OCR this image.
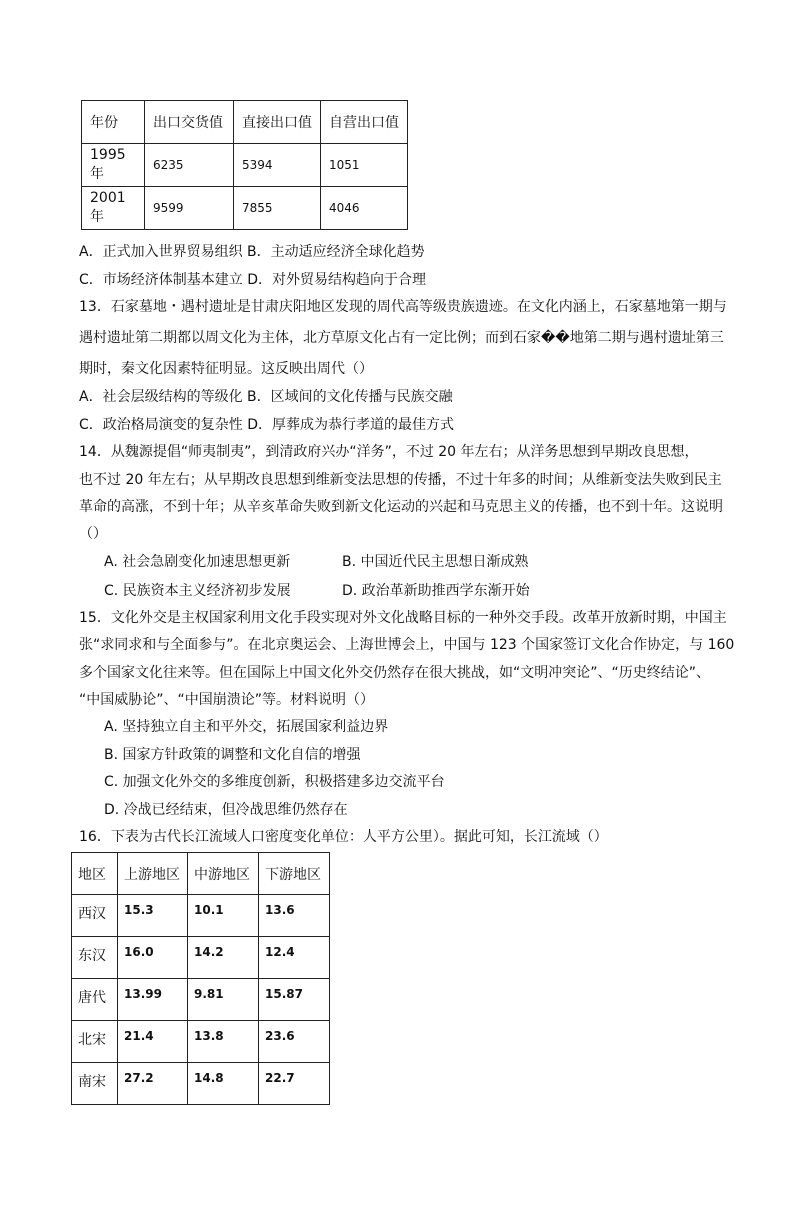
年份	出口交货值	直接出口值	自营出口值
1995 年	6235	5394	1051
2001 年	9599	7855	4046
A．正式加入世界贸易组织 B．主动适应经济全球化趋势
C．市场经济体制基本建立 D．对外贸易结构趋向于合理
13．石家墓地・遇村遗址是甘肃庆阳地区发现的周代高等级贵族遗迹。在文化内涵上，石家墓地第一期与
遇村遗址第二期都以周文化为主体，北方草原文化占有一定比例；而到石家��地第二期与遇村遗址第三
期时，秦文化因素特征明显。这反映出周代（）
A．社会层级结构的等级化 B．区域间的文化传播与民族交融
C．政治格局演变的复杂性 D．厚葬成为恭行孝道的最佳方式
14．从魏源提倡“师夷制夷”，到清政府兴办“洋务”，不过 20 年左右；从洋务思想到早期改良思想，
也不过 20 年左右；从早期改良思想到维新变法思想的传播，不过十年多的时间；从维新变法失败到民主
革命的高涨，不到十年；从辛亥革命失败到新文化运动的兴起和马克思主义的传播，也不到十年。这说明
（）
A. 社会急剧变化加速思想更新	B. 中国近代民主思想日渐成熟
C. 民族资本主义经济初步发展	D. 政治革新助推西学东渐开始
15．文化外交是主权国家利用文化手段实现对外文化战略目标的一种外交手段。改革开放新时期，中国主
张“求同求和与全面参与”。在北京奥运会、上海世博会上，中国与 123 个国家签订文化合作协定，与 160
多个国家文化往来等。但在国际上中国文化外交仍然存在很大挑战，如“文明冲突论”、“历史终结论”、
“中国威胁论”、“中国崩溃论”等。材料说明（）
A. 坚持独立自主和平外交，拓展国家利益边界
B. 国家方针政策的调整和文化自信的增强
C. 加强文化外交的多维度创新，积极搭建多边交流平台
D. 冷战已经结束，但冷战思维仍然存在
16．下表为古代长江流域人口密度变化单位：人平方公里）。据此可知，长江流域（）
地区	上游地区	中游地区	下游地区
西汉	15.3	10.1	13.6
东汉	16.0	14.2	12.4
唐代	13.99	9.81	15.87
北宋	21.4	13.8	23.6
南宋	27.2	14.8	22.7
